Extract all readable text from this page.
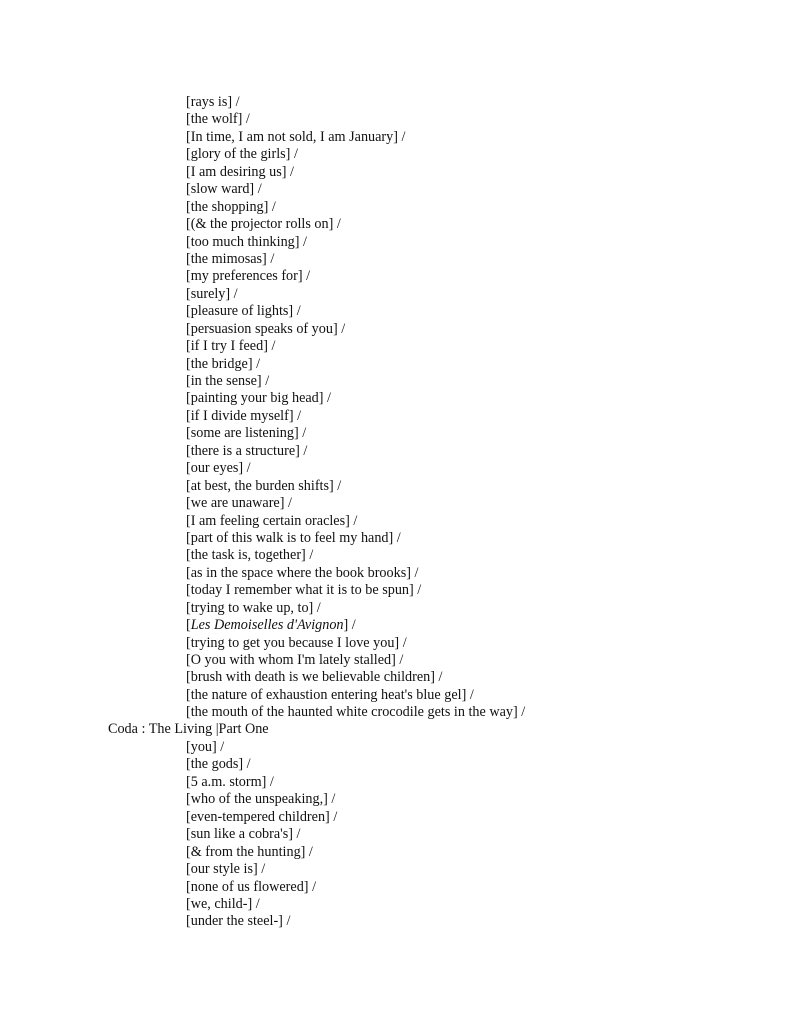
[rays is] /
[the wolf] /
[In time, I am not sold, I am January] /
[glory of the girls] /
[I am desiring us] /
[slow ward] /
[the shopping] /
[(& the projector rolls on] /
[too much thinking] /
[the mimosas] /
[my preferences for] /
[surely] /
[pleasure of lights] /
[persuasion speaks of you] /
[if I try I feed] /
[the bridge] /
[in the sense] /
[painting your big head] /
[if I divide myself] /
[some are listening] /
[there is a structure] /
[our eyes] /
[at best, the burden shifts] /
[we are unaware] /
[I am feeling certain oracles] /
[part of this walk is to feel my hand] /
[the task is, together] /
[as in the space where the book brooks] /
[today I remember what it is to be spun] /
[trying to wake up, to] /
[Les Demoiselles d'Avignon] /
[trying to get you because I love you] /
[O you with whom I'm lately stalled] /
[brush with death is we believable children] /
[the nature of exhaustion entering heat's blue gel] /
[the mouth of the haunted white crocodile gets in the way] /
Coda : The Living |Part One
[you] /
[the gods] /
[5 a.m. storm] /
[who of the unspeaking,] /
[even-tempered children] /
[sun like a cobra's] /
[& from the hunting] /
[our style is] /
[none of us flowered] /
[we, child-] /
[under the steel-] /
